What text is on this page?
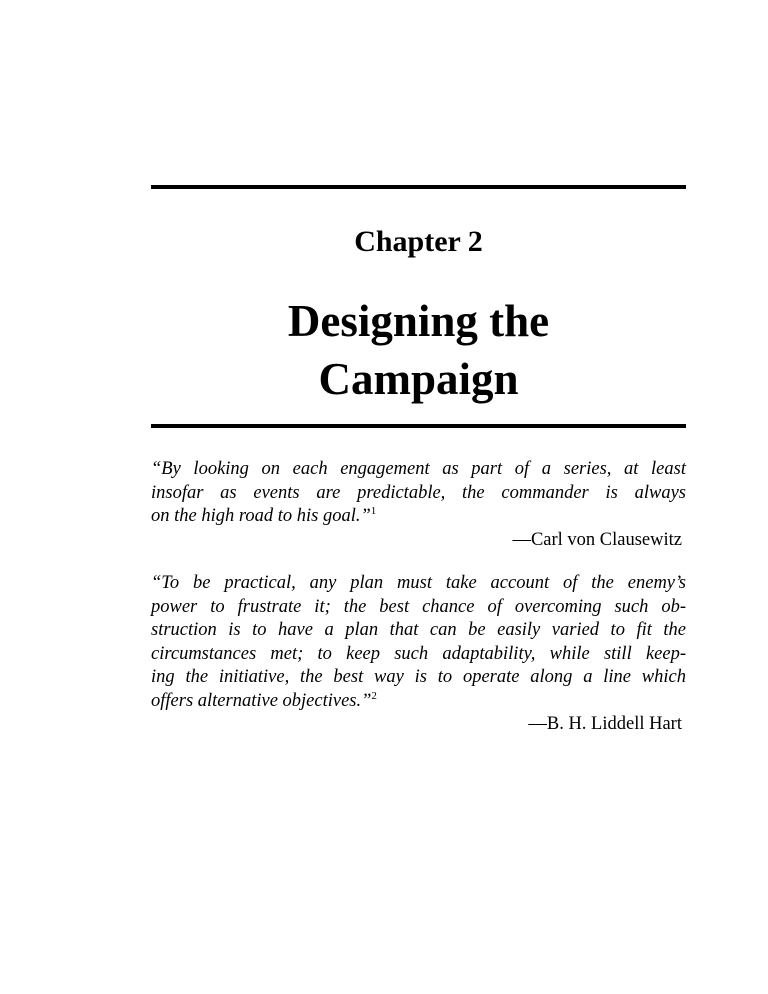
Chapter 2
Designing the
Campaign

“By looking on each engagement as part of a series, at least
insofar as events are predictable, the commander is always
on the high road to his goal.”$^1$

—Carl von Clausewitz

“To be practical, any plan must take account of the enemy’s
power to frustrate it; the best chance of overcoming such ob-
struction is to have a plan that can be easily varied to fit the
circumstances met; to keep such adaptability, while still keep-
ing the initiative, the best way is to operate along a line which
offers alternative objectives.”$^2$

—B. H. Liddell Hart
